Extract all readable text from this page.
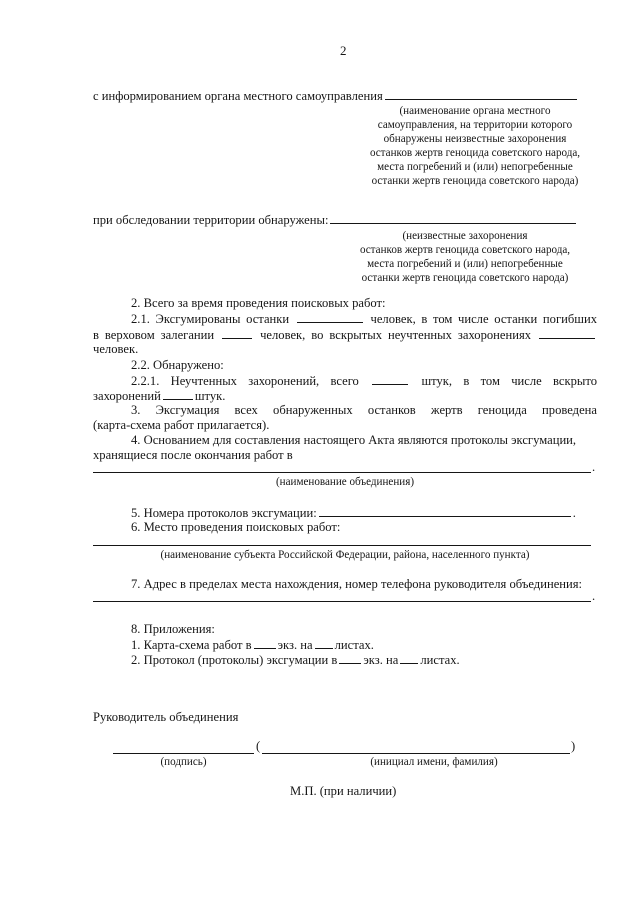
2
с информированием органа местного самоуправления
(наименование органа местного
самоуправления, на территории которого
обнаружены неизвестные захоронения
останков жертв геноцида советского народа,
места погребений и (или) непогребенные
останки жертв геноцида советского народа)
при обследовании территории обнаружены:
(неизвестные захоронения
останков жертв геноцида советского народа,
места погребений и (или) непогребенные
останки жертв геноцида советского народа)
2. Всего за время проведения поисковых работ:
2.1. Эксгумированы останки	человек, в том числе останки погибших
в верховом залегании	человек, во вскрытых неучтенных захоронениях
человек.
2.2. Обнаружено:
2.2.1. Неучтенных захоронений, всего	штук, в том числе вскрыто
захоронений	штук.
3. Эксгумация всех обнаруженных останков жертв геноцида проведена
(карта-схема работ прилагается).
4. Основанием для составления настоящего Акта являются протоколы эксгумации,
хранящиеся после окончания работ в
.
(наименование объединения)
5. Номера протоколов эксгумации:	.
6. Место проведения поисковых работ:
(наименование субъекта Российской Федерации, района, населенного пункта)
7. Адрес в пределах места нахождения, номер телефона руководителя объединения:
.
8. Приложения:
1. Карта-схема работ в экз. на листах.
2. Протокол (протоколы) эксгумации в экз. на листах.
Руководитель объединения
(	)
(подпись)	(инициал имени, фамилия)
М.П. (при наличии)
